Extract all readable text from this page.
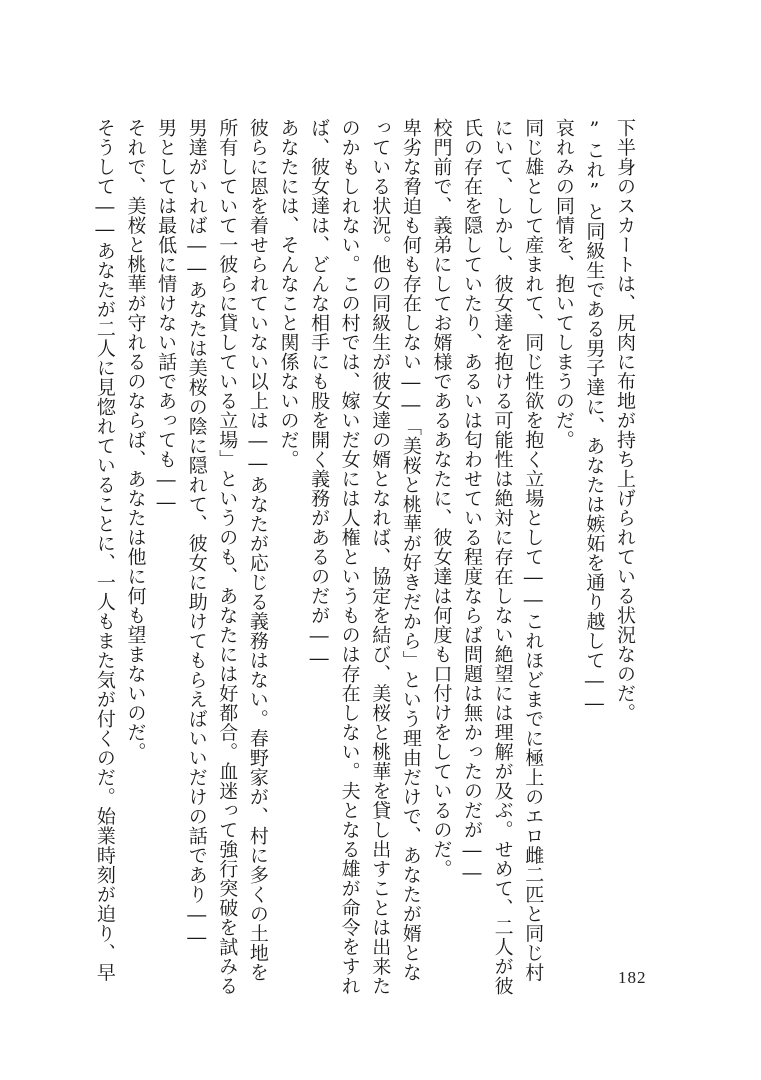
下半身のスカートは、尻肉に布地が持ち上げられている状況なのだ。
”これ”と同級生である男子達に、あなたは嫉妬を通り越して――
哀れみの同情を、抱いてしまうのだ。
同じ雄として産まれて、同じ性欲を抱く立場として――これほどまでに極上のエロ雌二匹と同じ村
にいて、しかし、彼女達を抱ける可能性は絶対に存在しない絶望には理解が及ぶ。せめて、二人が彼
氏の存在を隠していたり、あるいは匂わせている程度ならば問題は無かったのだが――
校門前で、義弟にしてお婿様であるあなたに、彼女達は何度も口付けをしているのだ。
卑劣な脅迫も何も存在しない――「美桜と桃華が好きだから」という理由だけで、あなたが婿とな
っている状況。他の同級生が彼女達の婿となれば、協定を結び、美桜と桃華を貸し出すことは出来た
のかもしれない。この村では、嫁いだ女には人権というものは存在しない。夫となる雄が命令をすれ
ば、彼女達は、どんな相手にも股を開く義務があるのだが――
あなたには、そんなこと関係ないのだ。
彼らに恩を着せられていない以上は――あなたが応じる義務はない。春野家が、村に多くの土地を
所有していて一彼らに貸している立場」というのも、あなたには好都合。血迷って強行突破を試みる
男達がいれば――あなたは美桜の陰に隠れて、彼女に助けてもらえばいいだけの話であり――
男としては最低に情けない話であっても――
それで、美桜と桃華が守れるのならば、あなたは他に何も望まないのだ。
そうして――あなたが二人に見惚れていることに、一人もまた気が付くのだ。始業時刻が迫り、早	182
